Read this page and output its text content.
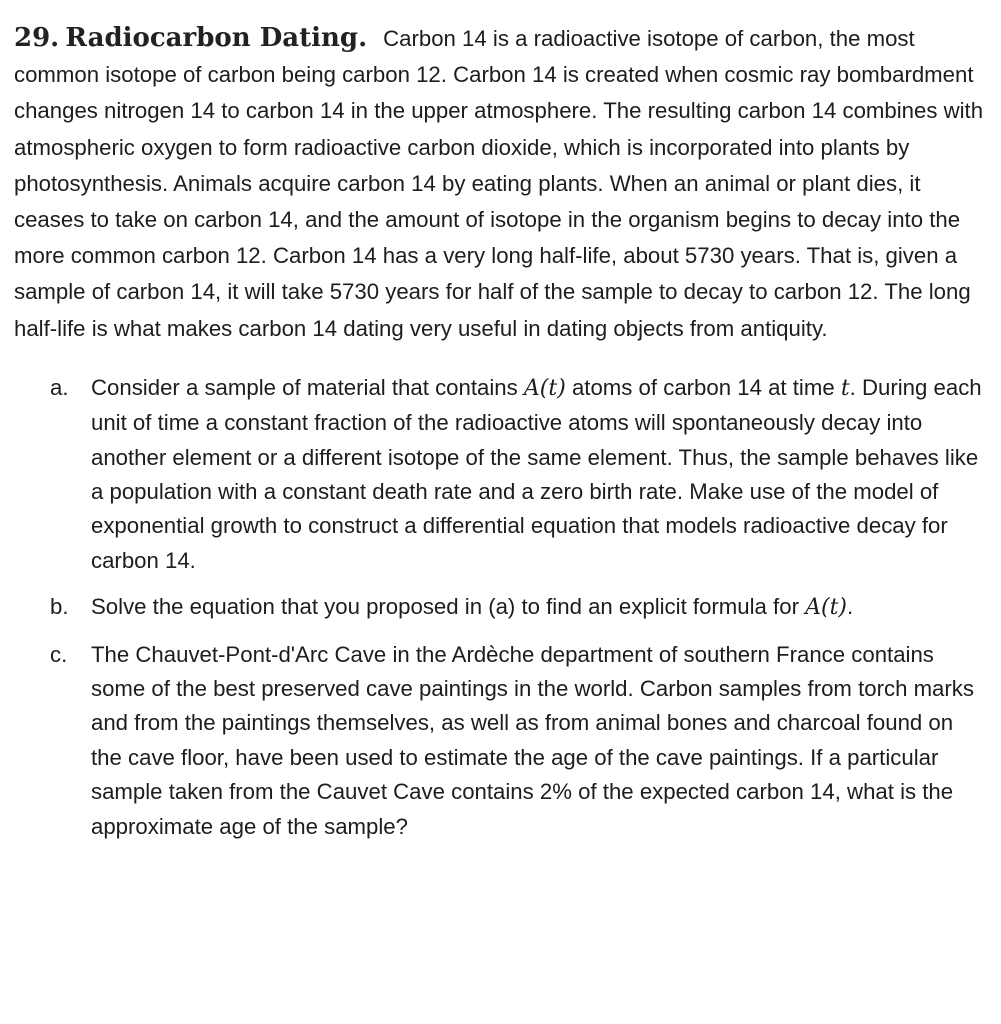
29. Radiocarbon Dating. Carbon 14 is a radioactive isotope of carbon, the most common isotope of carbon being carbon 12. Carbon 14 is created when cosmic ray bombardment changes nitrogen 14 to carbon 14 in the upper atmosphere. The resulting carbon 14 combines with atmospheric oxygen to form radioactive carbon dioxide, which is incorporated into plants by photosynthesis. Animals acquire carbon 14 by eating plants. When an animal or plant dies, it ceases to take on carbon 14, and the amount of isotope in the organism begins to decay into the more common carbon 12. Carbon 14 has a very long half-life, about 5730 years. That is, given a sample of carbon 14, it will take 5730 years for half of the sample to decay to carbon 12. The long half-life is what makes carbon 14 dating very useful in dating objects from antiquity.

a. Consider a sample of material that contains A(t) atoms of carbon 14 at time t. During each unit of time a constant fraction of the radioactive atoms will spontaneously decay into another element or a different isotope of the same element. Thus, the sample behaves like a population with a constant death rate and a zero birth rate. Make use of the model of exponential growth to construct a differential equation that models radioactive decay for carbon 14.
b. Solve the equation that you proposed in (a) to find an explicit formula for A(t).
c. The Chauvet-Pont-d'Arc Cave in the Ardèche department of southern France contains some of the best preserved cave paintings in the world. Carbon samples from torch marks and from the paintings themselves, as well as from animal bones and charcoal found on the cave floor, have been used to estimate the age of the cave paintings. If a particular sample taken from the Cauvet Cave contains 2% of the expected carbon 14, what is the approximate age of the sample?
